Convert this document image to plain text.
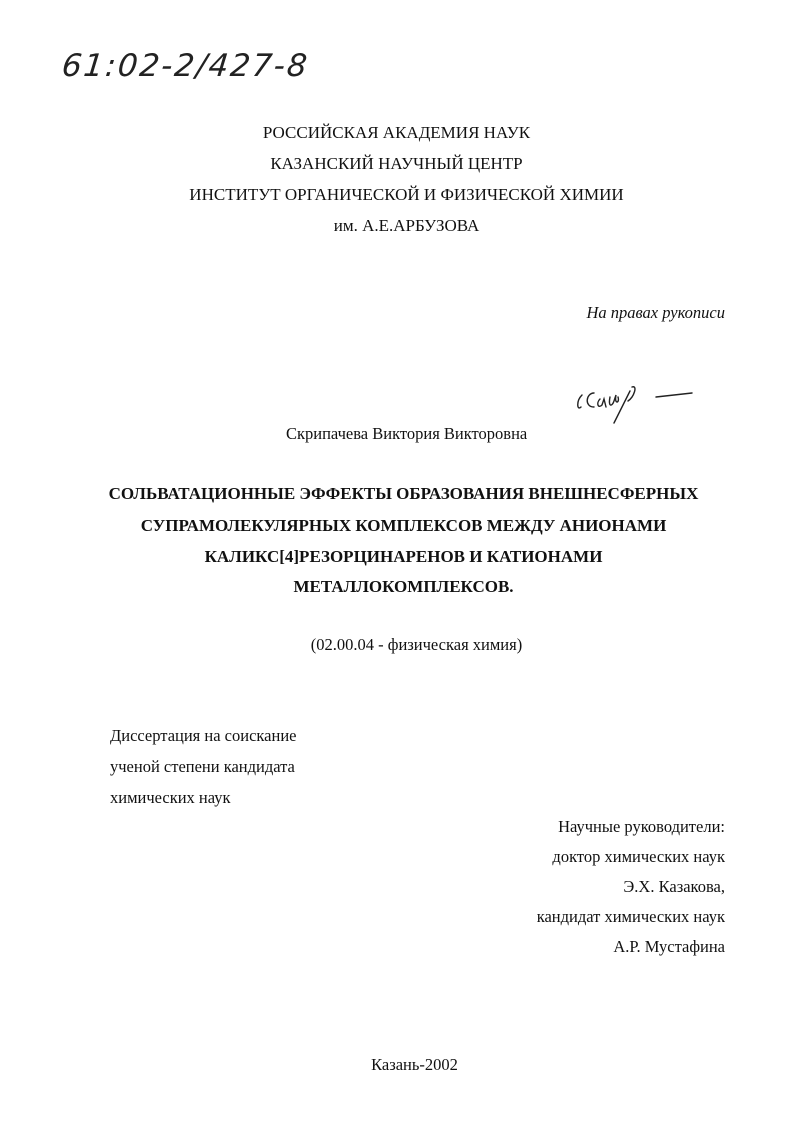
61:02-2/427-8
РОССИЙСКАЯ АКАДЕМИЯ НАУК
КАЗАНСКИЙ НАУЧНЫЙ ЦЕНТР
ИНСТИТУТ ОРГАНИЧЕСКОЙ И ФИЗИЧЕСКОЙ ХИМИИ
им. А.Е.АРБУЗОВА
На правах рукописи
Скрипачева Виктория Викторовна
СОЛЬВАТАЦИОННЫЕ ЭФФЕКТЫ ОБРАЗОВАНИЯ ВНЕШНЕСФЕРНЫХ
СУПРАМОЛЕКУЛЯРНЫХ КОМПЛЕКСОВ МЕЖДУ АНИОНАМИ
КАЛИКС[4]РЕЗОРЦИНАРЕНОВ И КАТИОНАМИ
МЕТАЛЛОКОМПЛЕКСОВ.
(02.00.04 - физическая химия)
Диссертация на соискание
ученой степени кандидата
химических наук
Научные руководители:
доктор химических наук
Э.Х. Казакова,
кандидат химических наук
А.Р. Мустафина
Казань-2002
